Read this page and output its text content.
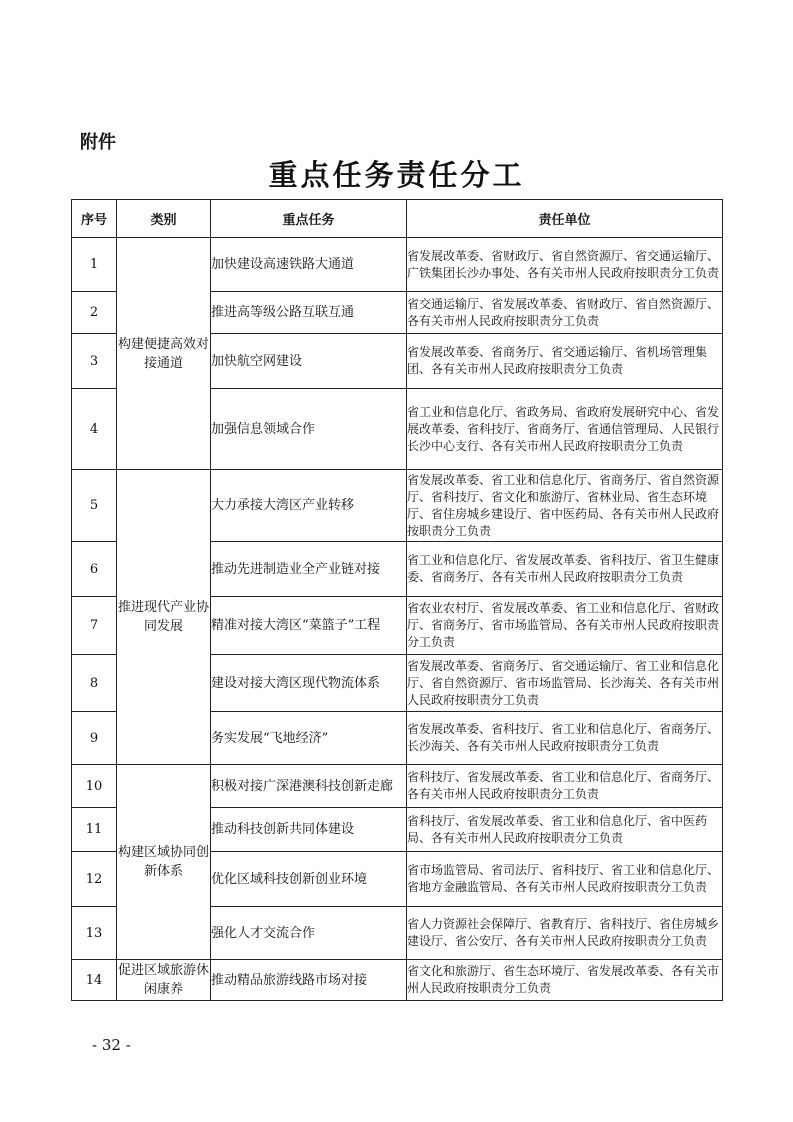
附件
重点任务责任分工
序号	类别	重点任务	责任单位
1	构建便捷高效对接通道	加快建设高速铁路大通道	省发展改革委、省财政厅、省自然资源厅、省交通运输厅、广铁集团长沙办事处、各有关市州人民政府按职责分工负责
2		推进高等级公路互联互通	省交通运输厅、省发展改革委、省财政厅、省自然资源厅、各有关市州人民政府按职责分工负责
3		加快航空网建设	省发展改革委、省商务厅、省交通运输厅、省机场管理集团、各有关市州人民政府按职责分工负责
4		加强信息领域合作	省工业和信息化厅、省政务局、省政府发展研究中心、省发展改革委、省科技厅、省商务厅、省通信管理局、人民银行长沙中心支行、各有关市州人民政府按职责分工负责
5	推进现代产业协同发展	大力承接大湾区产业转移	省发展改革委、省工业和信息化厅、省商务厅、省自然资源厅、省科技厅、省文化和旅游厅、省林业局、省生态环境厅、省住房城乡建设厅、省中医药局、各有关市州人民政府按职责分工负责
6		推动先进制造业全产业链对接	省工业和信息化厅、省发展改革委、省科技厅、省卫生健康委、省商务厅、各有关市州人民政府按职责分工负责
7		精准对接大湾区“菜篮子”工程	省农业农村厅、省发展改革委、省工业和信息化厅、省财政厅、省商务厅、省市场监管局、各有关市州人民政府按职责分工负责
8		建设对接大湾区现代物流体系	省发展改革委、省商务厅、省交通运输厅、省工业和信息化厅、省自然资源厅、省市场监管局、长沙海关、各有关市州人民政府按职责分工负责
9		务实发展“飞地经济”	省发展改革委、省科技厅、省工业和信息化厅、省商务厅、长沙海关、各有关市州人民政府按职责分工负责
10	构建区域协同创新体系	积极对接广深港澳科技创新走廊	省科技厅、省发展改革委、省工业和信息化厅、省商务厅、各有关市州人民政府按职责分工负责
11		推动科技创新共同体建设	省科技厅、省发展改革委、省工业和信息化厅、省中医药局、各有关市州人民政府按职责分工负责
12		优化区域科技创新创业环境	省市场监管局、省司法厅、省科技厅、省工业和信息化厅、省地方金融监管局、各有关市州人民政府按职责分工负责
13		强化人才交流合作	省人力资源社会保障厅、省教育厅、省科技厅、省住房城乡建设厅、省公安厅、各有关市州人民政府按职责分工负责
14	促进区域旅游休闲康养	推动精品旅游线路市场对接	省文化和旅游厅、省生态环境厅、省发展改革委、各有关市州人民政府按职责分工负责
- 32 -
